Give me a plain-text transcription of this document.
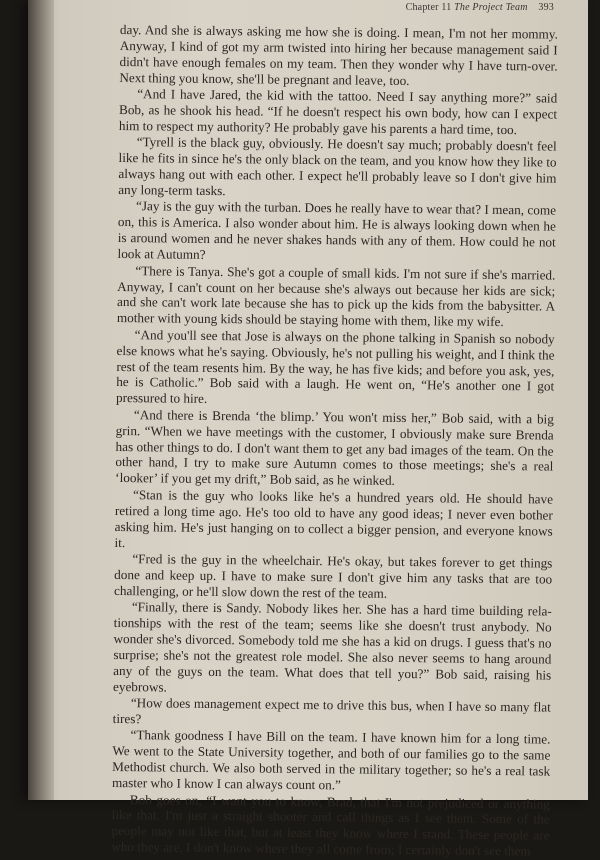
Chapter 11 The Project Team 393

day. And she is always asking me how she is doing. I mean, I'm not her mommy. Anyway, I kind of got my arm twisted into hiring her because management said I didn't have enough females on my team. Then they wonder why I have turn-over. Next thing you know, she'll be pregnant and leave, too.

“And I have Jared, the kid with the tattoo. Need I say anything more?” said Bob, as he shook his head. “If he doesn't respect his own body, how can I expect him to respect my authority? He probably gave his parents a hard time, too.

“Tyrell is the black guy, obviously. He doesn't say much; probably doesn't feel like he fits in since he's the only black on the team, and you know how they like to always hang out with each other. I expect he'll probably leave so I don't give him any long-term tasks.

“Jay is the guy with the turban. Does he really have to wear that? I mean, come on, this is America. I also wonder about him. He is always looking down when he is around women and he never shakes hands with any of them. How could he not look at Autumn?

“There is Tanya. She's got a couple of small kids. I'm not sure if she's married. Anyway, I can't count on her because she's always out because her kids are sick; and she can't work late because she has to pick up the kids from the babysitter. A mother with young kids should be staying home with them, like my wife.

“And you'll see that Jose is always on the phone talking in Spanish so nobody else knows what he's saying. Obviously, he's not pulling his weight, and I think the rest of the team resents him. By the way, he has five kids; and before you ask, yes, he is Catholic.” Bob said with a laugh. He went on, “He's another one I got pressured to hire.

“And there is Brenda ‘the blimp.’ You won't miss her,” Bob said, with a big grin. “When we have meetings with the customer, I obviously make sure Brenda has other things to do. I don't want them to get any bad images of the team. On the other hand, I try to make sure Autumn comes to those meetings; she's a real ‘looker’ if you get my drift,” Bob said, as he winked.

“Stan is the guy who looks like he's a hundred years old. He should have retired a long time ago. He's too old to have any good ideas; I never even bother asking him. He's just hanging on to collect a bigger pension, and everyone knows it.

“Fred is the guy in the wheelchair. He's okay, but takes forever to get things done and keep up. I have to make sure I don't give him any tasks that are too challenging, or he'll slow down the rest of the team.

“Finally, there is Sandy. Nobody likes her. She has a hard time building rela-tionships with the rest of the team; seems like she doesn't trust anybody. No wonder she's divorced. Somebody told me she has a kid on drugs. I guess that's no surprise; she's not the greatest role model. She also never seems to hang around any of the guys on the team. What does that tell you?” Bob said, raising his eyebrows.

“How does management expect me to drive this bus, when I have so many flat tires?

“Thank goodness I have Bill on the team. I have known him for a long time. We went to the State University together, and both of our families go to the same Methodist church. We also both served in the military together; so he's a real task master who I know I can always count on.”

Bob goes on, “I want you to know, Brad, that I'm not prejudiced or anything like that. I'm just a straight shooter and call things as I see them. Some of the people may not like that, but at least they know where I stand. These people are who they are. I don't know where they all come from; I certainly don't see them
